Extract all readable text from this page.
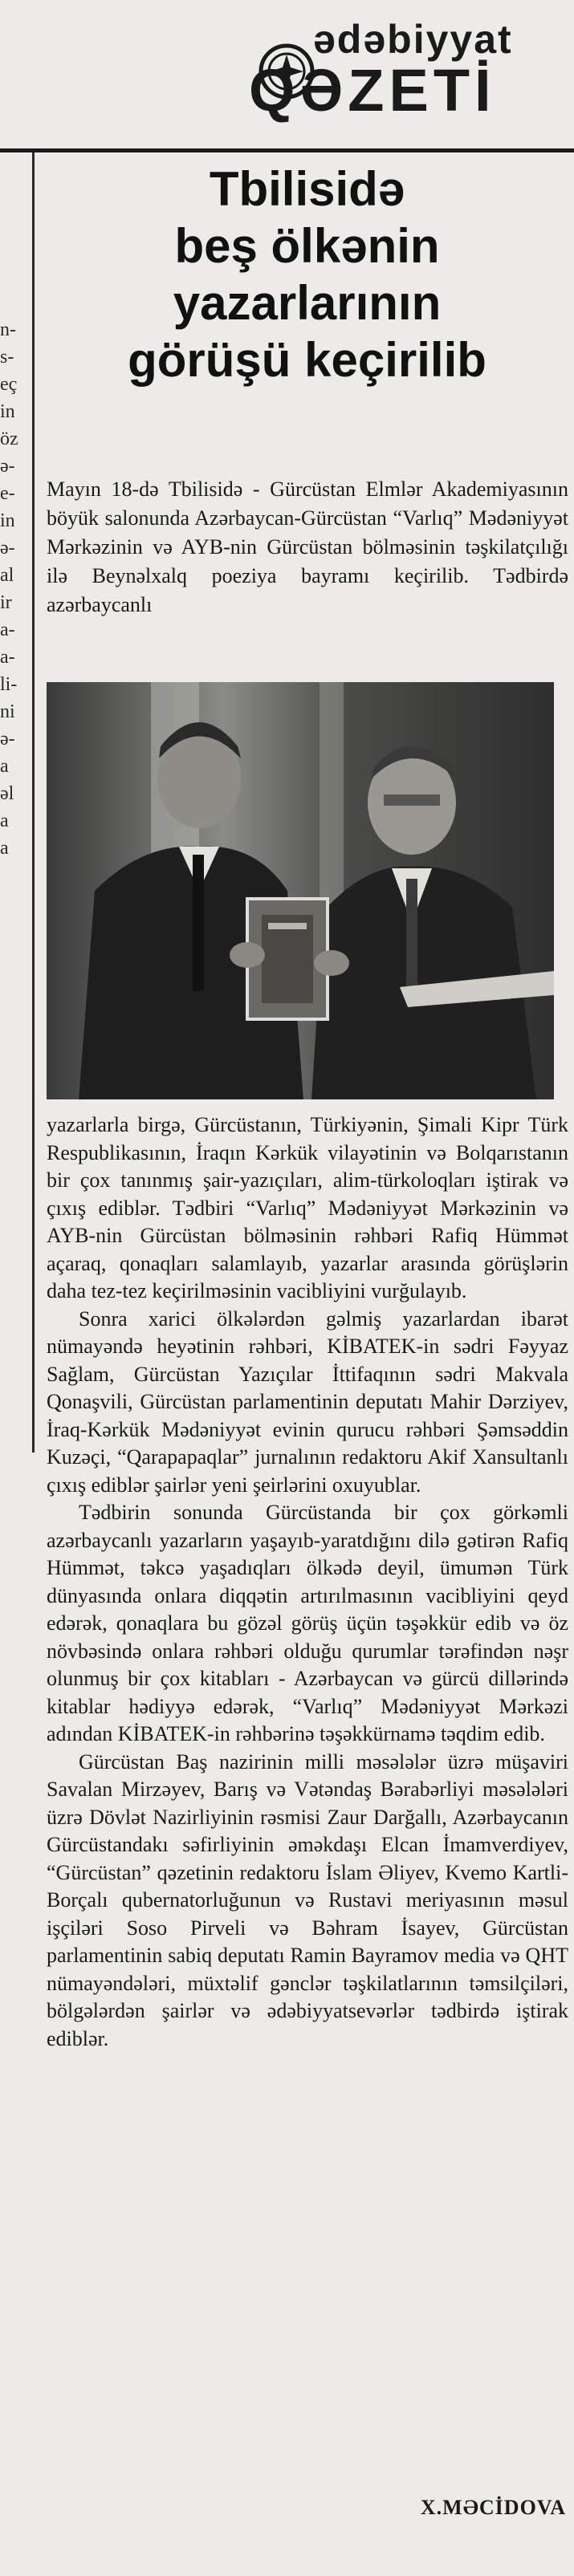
ədəbiyyat
QƏZETİ
n-
s-
eç
in
öz
ə-
e-
in
ə-
al
ir
a-
a-
li-
ni
ə-
a
əl
a
a
Tbilisidə
beş ölkənin
yazarlarının
görüşü keçirilib
Mayın 18-də Tbilisidə - Gürcüstan Elmlər Akademiyasının böyük salonunda Azərbaycan-Gürcüstan “Varlıq” Mədəniyyət Mərkəzinin və AYB-nin Gürcüstan bölməsinin təşkilatçılığı ilə Beynəlxalq poeziya bayramı keçirilib. Tədbirdə azərbaycanlı

yazarlarla birgə, Gürcüstanın, Türkiyənin, Şimali Kipr Türk Respublikasının, İraqın Kərkük vilayətinin və Bolqarıstanın bir çox tanınmış şair-yazıçıları, alim-türkoloqları iştirak və çıxış ediblər. Tədbiri “Varlıq” Mədəniyyət Mərkəzinin və AYB-nin Gürcüstan bölməsinin rəhbəri Rafiq Hümmət açaraq, qonaqları salamlayıb, yazarlar arasında görüşlərin daha tez-tez keçirilməsinin vacibliyini vurğulayıb.

Sonra xarici ölkələrdən gəlmiş yazarlardan ibarət nümayəndə heyətinin rəhbəri, KİBATEK-in sədri Fəyyaz Sağlam, Gürcüstan Yazıçılar İttifaqının sədri Makvala Qonaşvili, Gürcüstan parlamentinin deputatı Mahir Dərziyev, İraq-Kərkük Mədəniyyət evinin qurucu rəhbəri Şəmsəddin Kuzəçi, “Qarapapaqlar” jurnalının redaktoru Akif Xansultanlı çıxış ediblər şairlər yeni şeirlərini oxuyublar.

Tədbirin sonunda Gürcüstanda bir çox görkəmli azərbaycanlı yazarların yaşayıb-yaratdığını dilə gətirən Rafiq Hümmət, təkcə yaşadıqları ölkədə deyil, ümumən Türk dünyasında onlara diqqətin artırılmasının vacibliyini qeyd edərək, qonaqlara bu gözəl görüş üçün təşəkkür edib və öz növbəsində onlara rəhbəri olduğu qurumlar tərəfindən nəşr olunmuş bir çox kitabları - Azərbaycan və gürcü dillərində kitablar hədiyyə edərək, “Varlıq” Mədəniyyət Mərkəzi adından KİBATEK-in rəhbərinə təşəkkürnamə təqdim edib.

Gürcüstan Baş nazirinin milli məsələlər üzrə müşaviri Savalan Mirzəyev, Barış və Vətəndaş Bərabərliyi məsələləri üzrə Dövlət Nazirliyinin rəsmisi Zaur Darğallı, Azərbaycanın Gürcüstandakı səfirliyinin əməkdaşı Elcan İmamverdiyev, “Gürcüstan” qəzetinin redaktoru İslam Əliyev, Kvemo Kartli-Borçalı qubernatorluğunun və Rustavi meriyasının məsul işçiləri Soso Pirveli və Bəhram İsayev, Gürcüstan parlamentinin sabiq deputatı Ramin Bayramov media və QHT nümayəndələri, müxtəlif gənclər təşkilatlarının təmsilçiləri, bölgələrdən şairlər və ədəbiyyatsevərlər tədbirdə iştirak ediblər.

X.MƏCİDOVA
